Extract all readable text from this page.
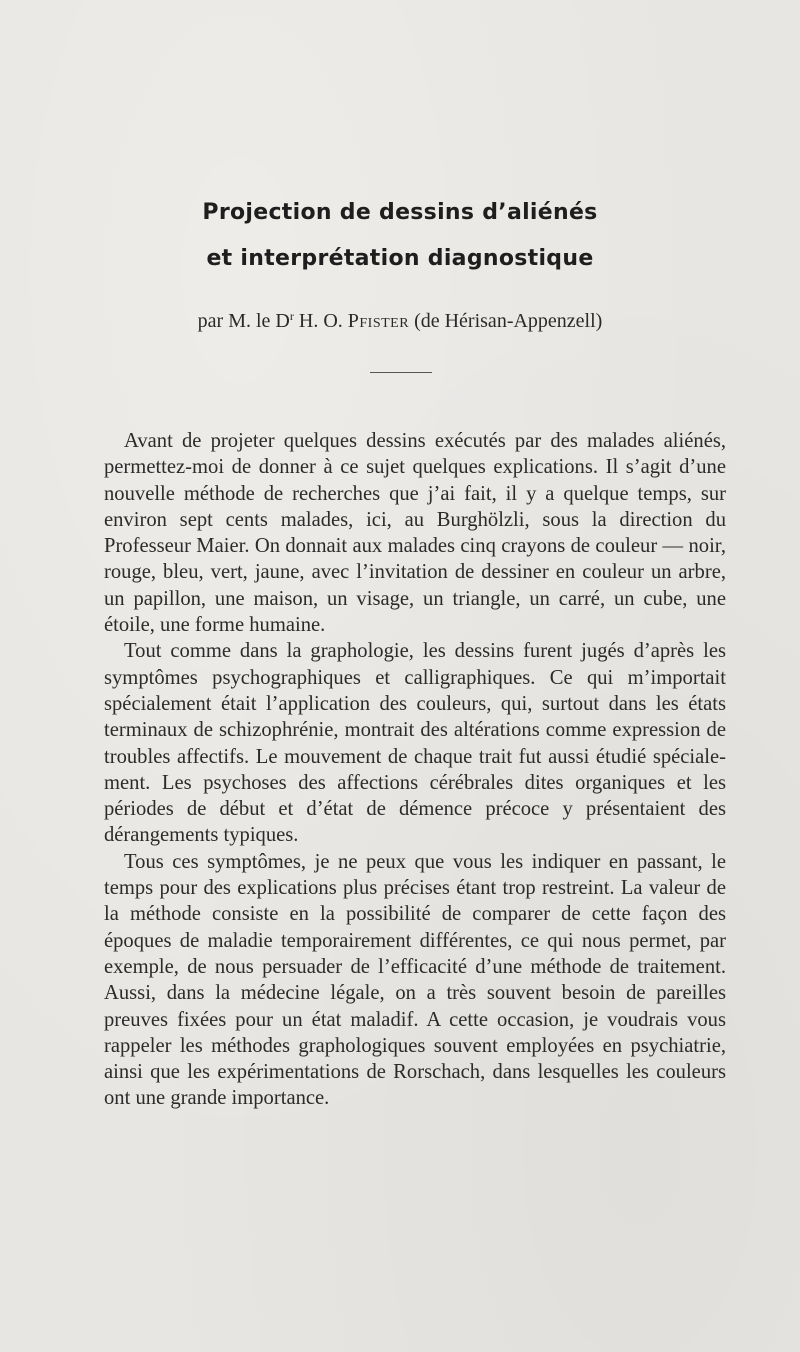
Projection de dessins d’aliénés
et interprétation diagnostique
par M. le $D^r$ H. O. Pfister (de Hérisan-Appenzell)

Avant de projeter quelques dessins exécutés par des malades aliénés, permettez-moi de donner à ce sujet quelques explications. Il s’agit d’une nouvelle méthode de recherches que j’ai fait, il y a quelque temps, sur environ sept cents malades, ici, au Burghölzli, sous la direction du Professeur Maier. On donnait aux malades cinq crayons de couleur — noir, rouge, bleu, vert, jaune, avec l’invitation de dessiner en couleur un arbre, un papillon, une maison, un visage, un triangle, un carré, un cube, une étoile, une forme humaine.

Tout comme dans la graphologie, les dessins furent jugés d’après les symptômes psychographiques et calligraphiques. Ce qui m’importait spécialement était l’application des couleurs, qui, surtout dans les états terminaux de schizophrénie, montrait des altérations comme expression de troubles affectifs. Le mouvement de chaque trait fut aussi étudié spécialement. Les psychoses des affections cérébrales dites organiques et les périodes de début et d’état de démence précoce y présentaient des dérangements typiques.

Tous ces symptômes, je ne peux que vous les indiquer en passant, le temps pour des explications plus précises étant trop restreint. La valeur de la méthode consiste en la possibilité de comparer de cette façon des époques de maladie temporairement différentes, ce qui nous permet, par exemple, de nous persuader de l’efficacité d’une méthode de traitement. Aussi, dans la médecine légale, on a très souvent besoin de pareilles preuves fixées pour un état maladif. A cette occasion, je voudrais vous rappeler les méthodes graphologiques souvent employées en psychiatrie, ainsi que les expérimentations de Rorschach, dans lesquelles les couleurs ont une grande importance.
